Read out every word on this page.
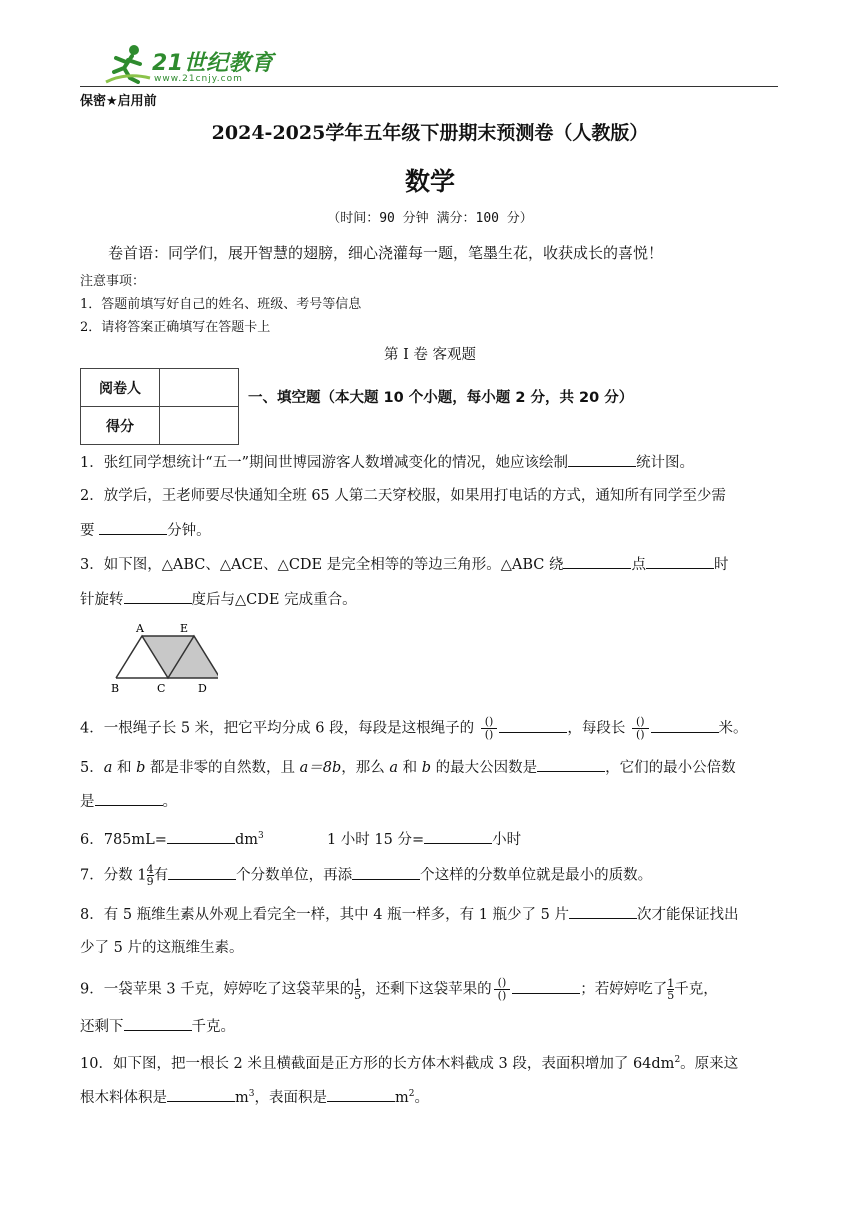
21世纪教育
www.21cnjy.com
保密★启用前
2024-2025学年五年级下册期末预测卷（人教版）
数学
（时间：90 分钟 满分：100 分）
卷首语：同学们，展开智慧的翅膀，细心浇灌每一题，笔墨生花，收获成长的喜悦！
注意事项：
1．答题前填写好自己的姓名、班级、考号等信息
2．请将答案正确填写在答题卡上
第 I 卷 客观题
阅卷人	
得分	
一、填空题（本大题 10 个小题，每小题 2 分，共 20 分）
1．张红同学想统计“五一”期间世博园游客人数增减变化的情况，她应该绘制	统计图。
2．放学后，王老师要尽快通知全班 65 人第二天穿校服，如果用打电话的方式，通知所有同学至少需
要	分钟。
3．如下图，△ABC、△ACE、△CDE 是完全相等的等边三角形。△ABC 绕	点	时
针旋转	度后与△CDE 完成重合。
A	E
B	C	D
4．一根绳子长 5 米，把它平均分成 6 段，每段是这根绳子的 $\frac{()}{()}$	，每段长 $\frac{()}{()}$	米。
5．a 和 b 都是非零的自然数，且 a＝8b，那么 a 和 b 的最大公因数是	，它们的最小公倍数
是	。
6．785mL=	$dm^3$	1 小时 15 分=	小时
7．分数 $1 \frac{4}{9}$ 有	个分数单位，再添	个这样的分数单位就是最小的质数。
8．有 5 瓶维生素从外观上看完全一样，其中 4 瓶一样多，有 1 瓶少了 5 片	次才能保证找出
少了 5 片的这瓶维生素。
9．一袋苹果 3 千克，婷婷吃了这袋苹果的 $\frac{1}{5}$ ，还剩下这袋苹果的 $\frac{()}{()}$	；若婷婷吃了 $\frac{1}{5}$ 千克，
还剩下	千克。
10．如下图，把一根长 2 米且横截面是正方形的长方体木料截成 3 段，表面积增加了 $64dm^2$。原来这
根木料体积是	$m^3$，表面积是	$m^2$。
